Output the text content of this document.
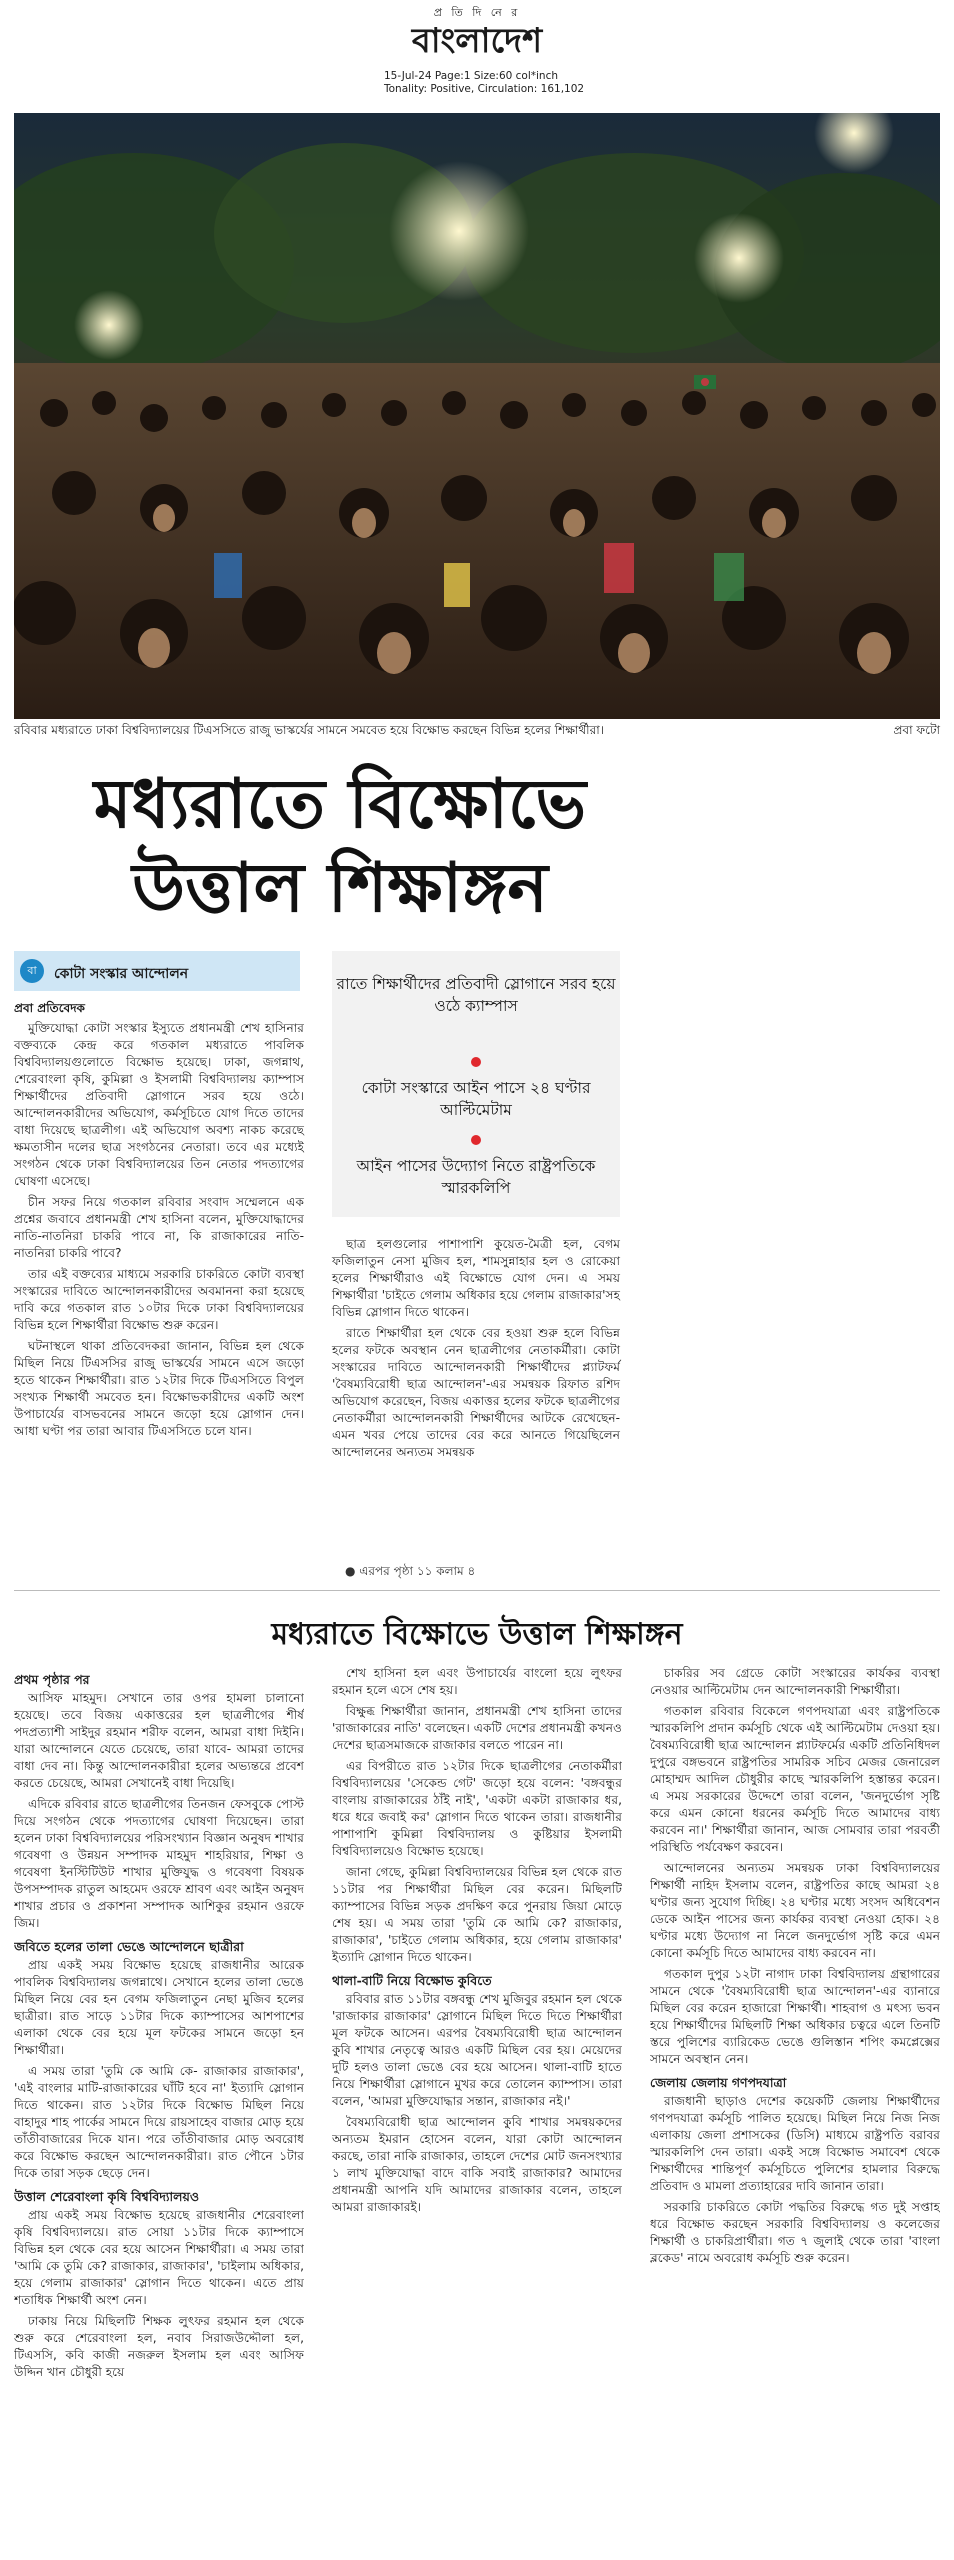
প্র তি দি নে র
বাংলাদেশ
15-Jul-24 Page:1 Size:60 col*inch
Tonality: Positive, Circulation: 161,102
রবিবার মধ্যরাতে ঢাকা বিশ্ববিদ্যালয়ের টিএসসিতে রাজু ভাস্কর্যের সামনে সমবেত হয়ে বিক্ষোভ করছেন বিভিন্ন হলের শিক্ষার্থীরা।	প্রবা ফটো
মধ্যরাতে বিক্ষোভে
উত্তাল শিক্ষাঙ্গন
বা	কোটা সংস্কার আন্দোলন
প্রবা প্রতিবেদক
রাতে শিক্ষার্থীদের প্রতিবাদী স্লোগানে সরব হয়ে ওঠে ক্যাম্পাস
কোটা সংস্কারে আইন পাসে ২৪ ঘণ্টার আল্টিমেটাম
আইন পাসের উদ্যোগ নিতে রাষ্ট্রপতিকে স্মারকলিপি

মুক্তিযোদ্ধা কোটা সংস্কার ইস্যুতে প্রধানমন্ত্রী শেখ হাসিনার বক্তব্যকে কেন্দ্র করে গতকাল মধ্যরাতে পাবলিক বিশ্ববিদ্যালয়গুলোতে বিক্ষোভ হয়েছে। ঢাকা, জগন্নাথ, শেরেবাংলা কৃষি, কুমিল্লা ও ইসলামী বিশ্ববিদ্যালয় ক্যাম্পাস শিক্ষার্থীদের প্রতিবাদী স্লোগানে সরব হয়ে ওঠে। আন্দোলনকারীদের অভিযোগ, কর্মসূচিতে যোগ দিতে তাদের বাধা দিয়েছে ছাত্রলীগ। এই অভিযোগ অবশ্য নাকচ করেছে ক্ষমতাসীন দলের ছাত্র সংগঠনের নেতারা। তবে এর মধ্যেই সংগঠন থেকে ঢাকা বিশ্ববিদ্যালয়ের তিন নেতার পদত্যাগের ঘোষণা এসেছে।

চীন সফর নিয়ে গতকাল রবিবার সংবাদ সম্মেলনে এক প্রশ্নের জবাবে প্রধানমন্ত্রী শেখ হাসিনা বলেন, মুক্তিযোদ্ধাদের নাতি-নাতনিরা চাকরি পাবে না, কি রাজাকারের নাতি-নাতনিরা চাকরি পাবে?

তার এই বক্তব্যের মাধ্যমে সরকারি চাকরিতে কোটা ব্যবস্থা সংস্কারের দাবিতে আন্দোলনকারীদের অবমাননা করা হয়েছে দাবি করে গতকাল রাত ১০টার দিকে ঢাকা বিশ্ববিদ্যালয়ের বিভিন্ন হলে শিক্ষার্থীরা বিক্ষোভ শুরু করেন।

ঘটনাস্থলে থাকা প্রতিবেদকরা জানান, বিভিন্ন হল থেকে মিছিল নিয়ে টিএসসির রাজু ভাস্কর্যের সামনে এসে জড়ো হতে থাকেন শিক্ষার্থীরা। রাত ১২টার দিকে টিএসসিতে বিপুল সংখ্যক শিক্ষার্থী সমবেত হন। বিক্ষোভকারীদের একটি অংশ উপাচার্যের বাসভবনের সামনে জড়ো হয়ে স্লোগান দেন। আধা ঘণ্টা পর তারা আবার টিএসসিতে চলে যান।

ছাত্র হলগুলোর পাশাপাশি কুয়েত-মৈত্রী হল, বেগম ফজিলাতুন নেসা মুজিব হল, শামসুন্নাহার হল ও রোকেয়া হলের শিক্ষার্থীরাও এই বিক্ষোভে যোগ দেন। এ সময় শিক্ষার্থীরা 'চাইতে গেলাম অধিকার হয়ে গেলাম রাজাকার'সহ বিভিন্ন স্লোগান দিতে থাকেন।

রাতে শিক্ষার্থীরা হল থেকে বের হওয়া শুরু হলে বিভিন্ন হলের ফটকে অবস্থান নেন ছাত্রলীগের নেতাকর্মীরা। কোটা সংস্কারের দাবিতে আন্দোলনকারী শিক্ষার্থীদের প্ল্যাটফর্ম 'বৈষম্যবিরোধী ছাত্র আন্দোলন'-এর সমন্বয়ক রিফাত রশিদ অভিযোগ করেছেন, বিজয় একাত্তর হলের ফটকে ছাত্রলীগের নেতাকর্মীরা আন্দোলনকারী শিক্ষার্থীদের আটকে রেখেছেন- এমন খবর পেয়ে তাদের বের করে আনতে গিয়েছিলেন আন্দোলনের অন্যতম সমন্বয়ক

● এরপর পৃষ্ঠা ১১ কলাম ৪
মধ্যরাতে বিক্ষোভে উত্তাল শিক্ষাঙ্গন
প্রথম পৃষ্ঠার পর

আসিফ মাহমুদ। সেখানে তার ওপর হামলা চালানো হয়েছে। তবে বিজয় একাত্তরের হল ছাত্রলীগের শীর্ষ পদপ্রত্যাশী সাইদুর রহমান শরীফ বলেন, আমরা বাধা দিইনি। যারা আন্দোলনে যেতে চেয়েছে, তারা যাবে- আমরা তাদের বাধা দেব না। কিন্তু আন্দোলনকারীরা হলের অভ্যন্তরে প্রবেশ করতে চেয়েছে, আমরা সেখানেই বাধা দিয়েছি।

এদিকে রবিবার রাতে ছাত্রলীগের তিনজন ফেসবুকে পোস্ট দিয়ে সংগঠন থেকে পদত্যাগের ঘোষণা দিয়েছেন। তারা হলেন ঢাকা বিশ্ববিদ্যালয়ের পরিসংখ্যান বিজ্ঞান অনুষদ শাখার গবেষণা ও উন্নয়ন সম্পাদক মাহমুদ শাহরিয়ার, শিক্ষা ও গবেষণা ইনস্টিটিউট শাখার মুক্তিযুদ্ধ ও গবেষণা বিষয়ক উপসম্পাদক রাতুল আহমেদ ওরফে শ্রাবণ এবং আইন অনুষদ শাখার প্রচার ও প্রকাশনা সম্পাদক আশিকুর রহমান ওরফে জিম।

জবিতে হলের তালা ভেঙে আন্দোলনে ছাত্রীরা

প্রায় একই সময় বিক্ষোভ হয়েছে রাজধানীর আরেক পাবলিক বিশ্ববিদ্যালয় জগন্নাথে। সেখানে হলের তালা ভেঙে মিছিল নিয়ে বের হন বেগম ফজিলাতুন নেছা মুজিব হলের ছাত্রীরা। রাত সাড়ে ১১টার দিকে ক্যাম্পাসের আশপাশের এলাকা থেকে বের হয়ে মূল ফটকের সামনে জড়ো হন শিক্ষার্থীরা।

এ সময় তারা 'তুমি কে আমি কে- রাজাকার রাজাকার', 'এই বাংলার মাটি-রাজাকারের ঘাঁটি হবে না' ইত্যাদি স্লোগান দিতে থাকেন। রাত ১২টার দিকে বিক্ষোভ মিছিল নিয়ে বাহাদুর শাহ পার্কের সামনে দিয়ে রায়সাহেব বাজার মোড় হয়ে তাঁতীবাজারের দিকে যান। পরে তাঁতীবাজার মোড় অবরোধ করে বিক্ষোভ করছেন আন্দোলনকারীরা। রাত পৌনে ১টার দিকে তারা সড়ক ছেড়ে দেন।

উত্তাল শেরেবাংলা কৃষি বিশ্ববিদ্যালয়ও

প্রায় একই সময় বিক্ষোভ হয়েছে রাজধানীর শেরেবাংলা কৃষি বিশ্ববিদ্যালয়ে। রাত সোয়া ১১টার দিকে ক্যাম্পাসে বিভিন্ন হল থেকে বের হয়ে আসেন শিক্ষার্থীরা। এ সময় তারা 'আমি কে তুমি কে? রাজাকার, রাজাকার', 'চাইলাম অধিকার, হয়ে গেলাম রাজাকার' স্লোগান দিতে থাকেন। এতে প্রায় শতাধিক শিক্ষার্থী অংশ নেন।

ঢাকায় নিয়ে মিছিলটি শিক্ষক লুৎফর রহমান হল থেকে শুরু করে শেরেবাংলা হল, নবাব সিরাজউদ্দৌলা হল, টিএসসি, কবি কাজী নজরুল ইসলাম হল এবং আসিফ উদ্দিন খান চৌধুরী হয়ে

শেখ হাসিনা হল এবং উপাচার্যের বাংলো হয়ে লুৎফর রহমান হলে এসে শেষ হয়।

বিক্ষুব্ধ শিক্ষার্থীরা জানান, প্রধানমন্ত্রী শেখ হাসিনা তাদের 'রাজাকারের নাতি' বলেছেন। একটি দেশের প্রধানমন্ত্রী কখনও দেশের ছাত্রসমাজকে রাজাকার বলতে পারেন না।

এর বিপরীতে রাত ১২টার দিকে ছাত্রলীগের নেতাকর্মীরা বিশ্ববিদ্যালয়ের 'সেকেন্ড গেট' জড়ো হয়ে বলেন: 'বঙ্গবন্ধুর বাংলায় রাজাকারের ঠাঁই নাই', 'একটা একটা রাজাকার ধর, ধরে ধরে জবাই কর' স্লোগান দিতে থাকেন তারা। রাজধানীর পাশাপাশি কুমিল্লা বিশ্ববিদ্যালয় ও কুষ্টিয়ার ইসলামী বিশ্ববিদ্যালয়েও বিক্ষোভ হয়েছে।

জানা গেছে, কুমিল্লা বিশ্ববিদ্যালয়ের বিভিন্ন হল থেকে রাত ১১টার পর শিক্ষার্থীরা মিছিল বের করেন। মিছিলটি ক্যাম্পাসের বিভিন্ন সড়ক প্রদক্ষিণ করে পুনরায় জিয়া মোড়ে শেষ হয়। এ সময় তারা 'তুমি কে আমি কে? রাজাকার, রাজাকার', 'চাইতে গেলাম অধিকার, হয়ে গেলাম রাজাকার' ইত্যাদি স্লোগান দিতে থাকেন।

থালা-বাটি নিয়ে বিক্ষোভ কুবিতে

রবিবার রাত ১১টার বঙ্গবন্ধু শেখ মুজিবুর রহমান হল থেকে 'রাজাকার রাজাকার' স্লোগানে মিছিল দিতে দিতে শিক্ষার্থীরা মূল ফটকে আসেন। এরপর বৈষম্যবিরোধী ছাত্র আন্দোলন কুবি শাখার নেতৃত্বে আরও একটি মিছিল বের হয়। মেয়েদের দুটি হলও তালা ভেঙে বের হয়ে আসেন। থালা-বাটি হাতে নিয়ে শিক্ষার্থীরা স্লোগানে মুখর করে তোলেন ক্যাম্পাস। তারা বলেন, 'আমরা মুক্তিযোদ্ধার সন্তান, রাজাকার নই।'

বৈষম্যবিরোধী ছাত্র আন্দোলন কুবি শাখার সমন্বয়কদের অন্যতম ইমরান হোসেন বলেন, যারা কোটা আন্দোলন করছে, তারা নাকি রাজাকার, তাহলে দেশের মোট জনসংখ্যার ১ লাখ মুক্তিযোদ্ধা বাদে বাকি সবাই রাজাকার? আমাদের প্রধানমন্ত্রী আপনি যদি আমাদের রাজাকার বলেন, তাহলে আমরা রাজাকারই।

চাকরির সব গ্রেডে কোটা সংস্কারের কার্যকর ব্যবস্থা নেওয়ার আল্টিমেটাম দেন আন্দোলনকারী শিক্ষার্থীরা।

গতকাল রবিবার বিকেলে গণপদযাত্রা এবং রাষ্ট্রপতিকে স্মারকলিপি প্রদান কর্মসূচি থেকে এই আল্টিমেটাম দেওয়া হয়। বৈষম্যবিরোধী ছাত্র আন্দোলন প্ল্যাটফর্মের একটি প্রতিনিধিদল দুপুরে বঙ্গভবনে রাষ্ট্রপতির সামরিক সচিব মেজর জেনারেল মোহাম্মদ আদিল চৌধুরীর কাছে স্মারকলিপি হস্তান্তর করেন। এ সময় সরকারের উদ্দেশে তারা বলেন, 'জনদুর্ভোগ সৃষ্টি করে এমন কোনো ধরনের কর্মসূচি দিতে আমাদের বাধ্য করবেন না।' শিক্ষার্থীরা জানান, আজ সোমবার তারা পরবর্তী পরিস্থিতি পর্যবেক্ষণ করবেন।

আন্দোলনের অন্যতম সমন্বয়ক ঢাকা বিশ্ববিদ্যালয়ের শিক্ষার্থী নাহিদ ইসলাম বলেন, রাষ্ট্রপতির কাছে আমরা ২৪ ঘণ্টার জন্য সুযোগ দিচ্ছি। ২৪ ঘণ্টার মধ্যে সংসদ অধিবেশন ডেকে আইন পাসের জন্য কার্যকর ব্যবস্থা নেওয়া হোক। ২৪ ঘণ্টার মধ্যে উদ্যোগ না নিলে জনদুর্ভোগ সৃষ্টি করে এমন কোনো কর্মসূচি দিতে আমাদের বাধ্য করবেন না।

গতকাল দুপুর ১২টা নাগাদ ঢাকা বিশ্ববিদ্যালয় গ্রন্থাগারের সামনে থেকে 'বৈষম্যবিরোধী ছাত্র আন্দোলন'-এর ব্যানারে মিছিল বের করেন হাজারো শিক্ষার্থী। শাহবাগ ও মৎস্য ভবন হয়ে শিক্ষার্থীদের মিছিলটি শিক্ষা অধিকার চত্বরে এলে তিনটি স্তরে পুলিশের ব্যারিকেড ভেঙে গুলিস্তান শপিং কমপ্লেক্সের সামনে অবস্থান নেন।

জেলায় জেলায় গণপদযাত্রা

রাজধানী ছাড়াও দেশের কয়েকটি জেলায় শিক্ষার্থীদের গণপদযাত্রা কর্মসূচি পালিত হয়েছে। মিছিল নিয়ে নিজ নিজ এলাকায় জেলা প্রশাসকের (ডিসি) মাধ্যমে রাষ্ট্রপতি বরাবর স্মারকলিপি দেন তারা। একই সঙ্গে বিক্ষোভ সমাবেশ থেকে শিক্ষার্থীদের শান্তিপূর্ণ কর্মসূচিতে পুলিশের হামলার বিরুদ্ধে প্রতিবাদ ও মামলা প্রত্যাহারের দাবি জানান তারা।

সরকারি চাকরিতে কোটা পদ্ধতির বিরুদ্ধে গত দুই সপ্তাহ ধরে বিক্ষোভ করছেন সরকারি বিশ্ববিদ্যালয় ও কলেজের শিক্ষার্থী ও চাকরিপ্রার্থীরা। গত ৭ জুলাই থেকে তারা 'বাংলা ব্লকেড' নামে অবরোধ কর্মসূচি শুরু করেন।
